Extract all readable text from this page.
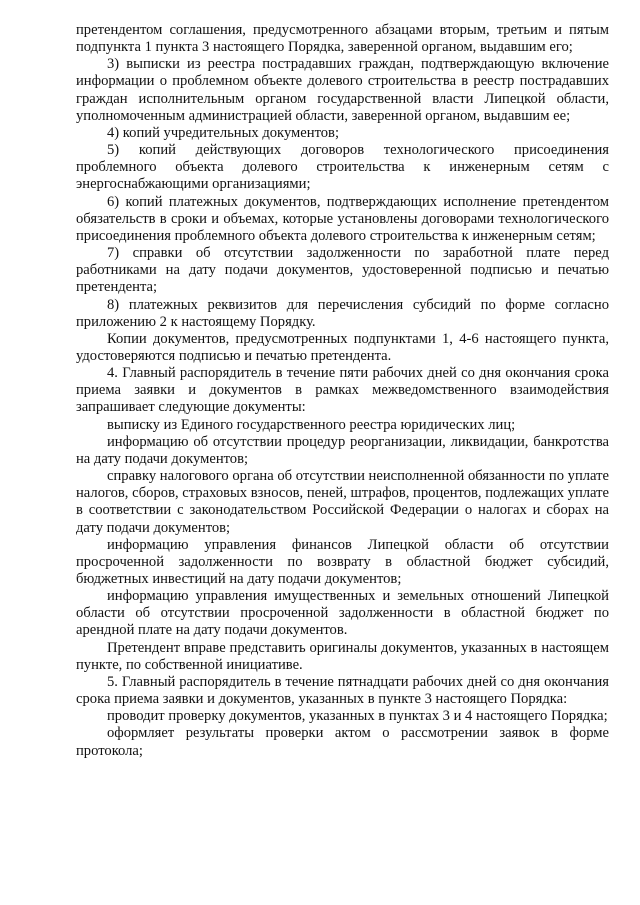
претендентом соглашения, предусмотренного абзацами вторым, третьим и пятым подпункта 1 пункта 3 настоящего Порядка, заверенной органом, выдавшим его;

3) выписки из реестра пострадавших граждан, подтверждающую включение информации о проблемном объекте долевого строительства в реестр пострадавших граждан исполнительным органом государственной власти Липецкой области, уполномоченным администрацией области, заверенной органом, выдавшим ее;

4) копий учредительных документов;

5) копий действующих договоров технологического присоединения проблемного объекта долевого строительства к инженерным сетям с энергоснабжающими организациями;

6) копий платежных документов, подтверждающих исполнение претендентом обязательств в сроки и объемах, которые установлены договорами технологического присоединения проблемного объекта долевого строительства к инженерным сетям;

7) справки об отсутствии задолженности по заработной плате перед работниками на дату подачи документов, удостоверенной подписью и печатью претендента;

8) платежных реквизитов для перечисления субсидий по форме согласно приложению 2 к настоящему Порядку.

Копии документов, предусмотренных подпунктами 1, 4-6 настоящего пункта, удостоверяются подписью и печатью претендента.

4. Главный распорядитель в течение пяти рабочих дней со дня окончания срока приема заявки и документов в рамках межведомственного взаимодействия запрашивает следующие документы:

выписку из Единого государственного реестра юридических лиц;

информацию об отсутствии процедур реорганизации, ликвидации, банкротства на дату подачи документов;

справку налогового органа об отсутствии неисполненной обязанности по уплате налогов, сборов, страховых взносов, пеней, штрафов, процентов, подлежащих уплате в соответствии с законодательством Российской Федерации о налогах и сборах на дату подачи документов;

информацию управления финансов Липецкой области об отсутствии просроченной задолженности по возврату в областной бюджет субсидий, бюджетных инвестиций на дату подачи документов;

информацию управления имущественных и земельных отношений Липецкой области об отсутствии просроченной задолженности в областной бюджет по арендной плате на дату подачи документов.

Претендент вправе представить оригиналы документов, указанных в настоящем пункте, по собственной инициативе.

5. Главный распорядитель в течение пятнадцати рабочих дней со дня окончания срока приема заявки и документов, указанных в пункте 3 настоящего Порядка:

проводит проверку документов, указанных в пунктах 3 и 4 настоящего Порядка;

оформляет результаты проверки актом о рассмотрении заявок в форме протокола;
